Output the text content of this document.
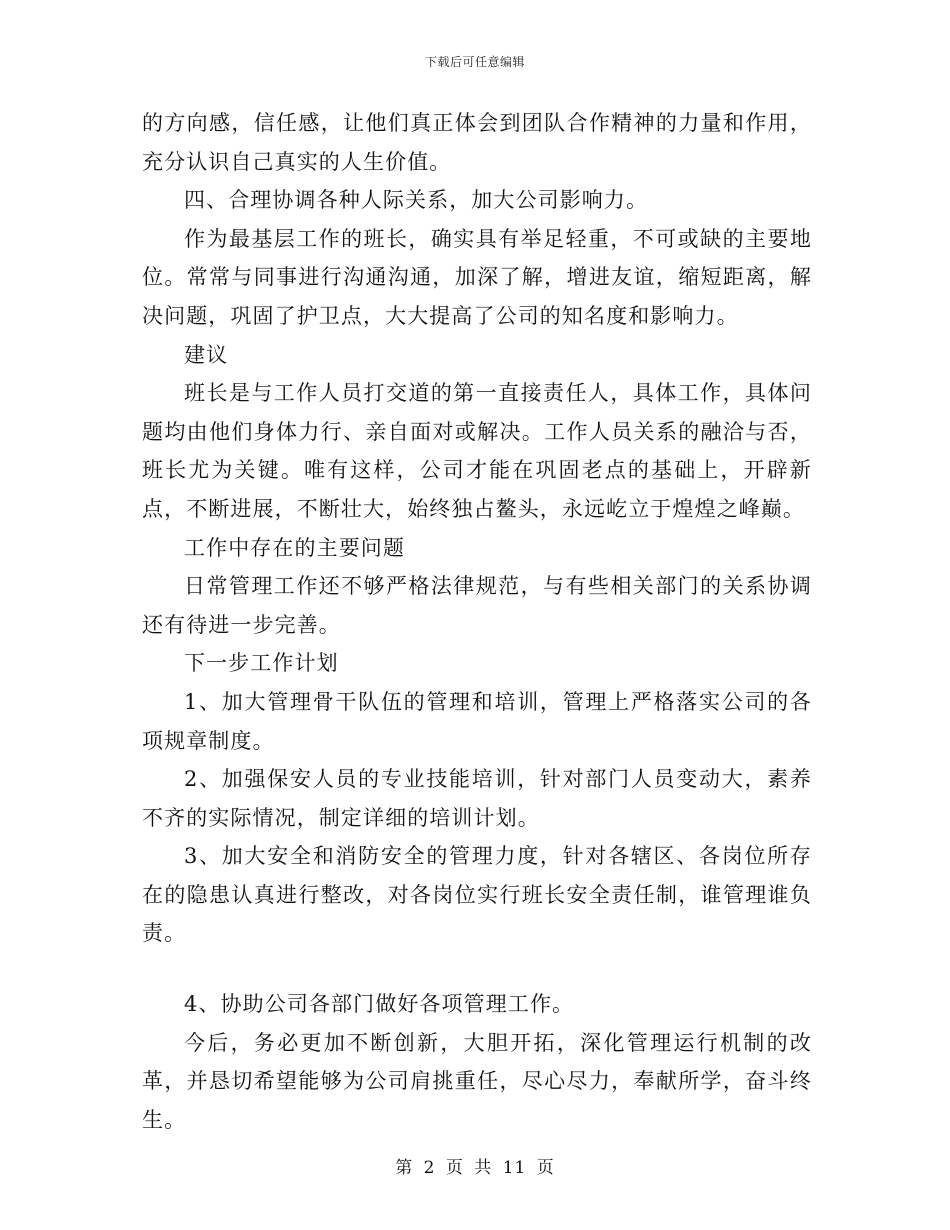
下载后可任意编辑

的方向感，信任感，让他们真正体会到团队合作精神的力量和作用，充分认识自己真实的人生价值。

四、合理协调各种人际关系，加大公司影响力。

作为最基层工作的班长，确实具有举足轻重，不可或缺的主要地位。常常与同事进行沟通沟通，加深了解，增进友谊，缩短距离，解决问题，巩固了护卫点，大大提高了公司的知名度和影响力。

建议

班长是与工作人员打交道的第一直接责任人，具体工作，具体问题均由他们身体力行、亲自面对或解决。工作人员关系的融洽与否，班长尤为关键。唯有这样，公司才能在巩固老点的基础上，开辟新点，不断进展，不断壮大，始终独占鳌头，永远屹立于煌煌之峰巅。

工作中存在的主要问题

日常管理工作还不够严格法律规范，与有些相关部门的关系协调还有待进一步完善。

下一步工作计划

1、加大管理骨干队伍的管理和培训，管理上严格落实公司的各项规章制度。

2、加强保安人员的专业技能培训，针对部门人员变动大，素养不齐的实际情况，制定详细的培训计划。

3、加大安全和消防安全的管理力度，针对各辖区、各岗位所存在的隐患认真进行整改，对各岗位实行班长安全责任制，谁管理谁负责。

4、协助公司各部门做好各项管理工作。

今后，务必更加不断创新，大胆开拓，深化管理运行机制的改革，并恳切希望能够为公司肩挑重任，尽心尽力，奉献所学，奋斗终生。

第 2 页 共 11 页
